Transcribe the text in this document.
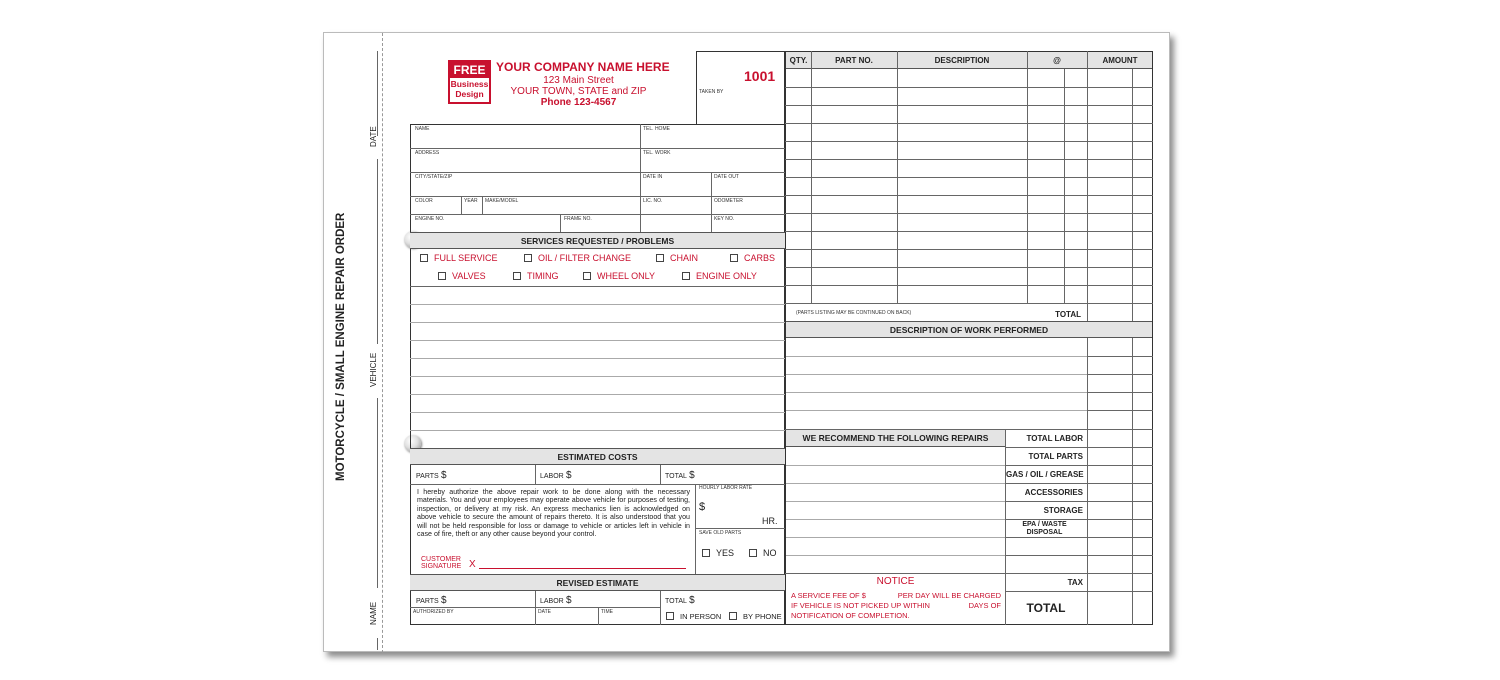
MOTORCYCLE / SMALL ENGINE REPAIR ORDER
DATE
VEHICLE
NAME
FREE
Business
Design
YOUR COMPANY NAME HERE
123 Main Street
YOUR TOWN, STATE and ZIP
Phone 123-4567
1001
TAKEN BY
NAME	TEL. HOME
ADDRESS	TEL. WORK
CITY/STATE/ZIP	DATE IN	DATE OUT
COLOR	YEAR MAKE/MODEL	LIC. NO.	ODOMETER
ENGINE NO.	FRAME NO.	KEY NO.
SERVICES REQUESTED / PROBLEMS
FULL SERVICE	OIL / FILTER CHANGE	CHAIN	CARBS
VALVES	TIMING	WHEEL ONLY	ENGINE ONLY
ESTIMATED COSTS
PARTS $	LABOR $	TOTAL $
I hereby authorize the above repair work to be done along with the necessary materials. You and your employees may operate above vehicle for purposes of testing, inspection, or delivery at my risk. An express mechanics lien is acknowledged on above vehicle to secure the amount of repairs thereto. It is also understood that you will not be held responsible for loss or damage to vehicle or articles left in vehicle in case of fire, theft or any other cause beyond your control.
CUSTOMER
SIGNATURE X
HOURLY LABOR RATE
$
HR.
SAVE OLD PARTS
YES	NO
REVISED ESTIMATE
PARTS $	LABOR $	TOTAL $
AUTHORIZED BY	DATE	TIME	IN PERSON	BY PHONE
QTY.	PART NO.	DESCRIPTION	@	AMOUNT
(PARTS LISTING MAY BE CONTINUED ON BACK)	TOTAL
DESCRIPTION OF WORK PERFORMED
WE RECOMMEND THE FOLLOWING REPAIRS	TOTAL LABOR
TOTAL PARTS
GAS / OIL / GREASE
ACCESSORIES
STORAGE
EPA / WASTE
DISPOSAL
TAX
TOTAL
NOTICE
A SERVICE FEE OF $	PER DAY WILL BE CHARGED
IF VEHICLE IS NOT PICKED UP WITHIN	DAYS OF
NOTIFICATION OF COMPLETION.
